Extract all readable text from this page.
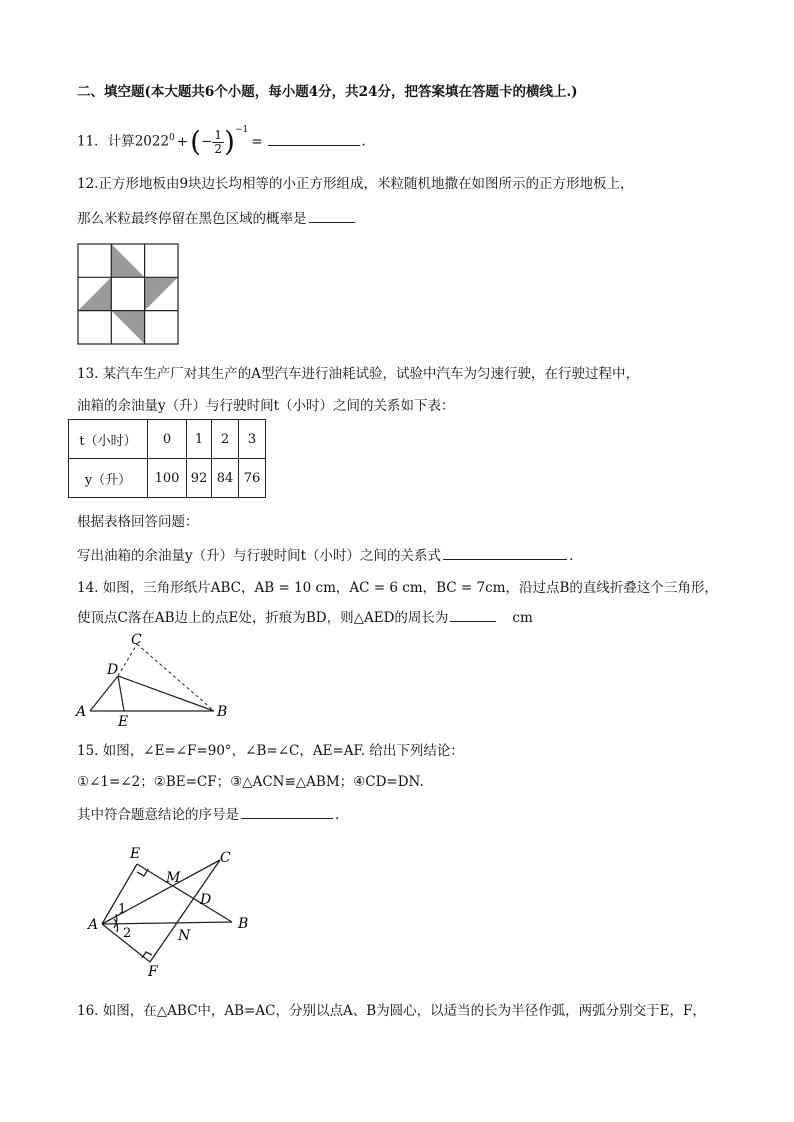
二、填空题(本大题共6个小题，每小题4分，共24分，把答案填在答题卡的横线上.)
11．计算$2022^0$ +(− $\frac{1}{2} )^{-1}=$	.
12.正方形地板由9块边长均相等的小正方形组成，米粒随机地撒在如图所示的正方形地板上，
那么米粒最终停留在黑色区域的概率是
13. 某汽车生产厂对其生产的A型汽车进行油耗试验，试验中汽车为匀速行驶，在行驶过程中，
油箱的余油量y（升）与行驶时间t（小时）之间的关系如下表：
t（小时）	0	1	2	3
y（升）	100	92	84	76
根据表格回答问题：
写出油箱的余油量y（升）与行驶时间t（小时）之间的关系式	.
14. 如图，三角形纸片ABC，AB = 10 cm，AC = 6 cm，BC = 7cm，沿过点B的直线折叠这个三角形，
使顶点C落在AB边上的点E处，折痕为BD，则△AED的周长为	cm
C
D
A
E
B
15. 如图，∠E=∠F=90°，∠B=∠C，AE=AF. 给出下列结论：
①∠1=∠2；②BE=CF；③△ACN≌△ABM；④CD=DN.
其中符合题意结论的序号是	.
E	C
M
D
A	B
N
F
1
2
16. 如图，在△ABC中，AB=AC，分别以点A、B为圆心，以适当的长为半径作弧，两弧分别交于E，F，
